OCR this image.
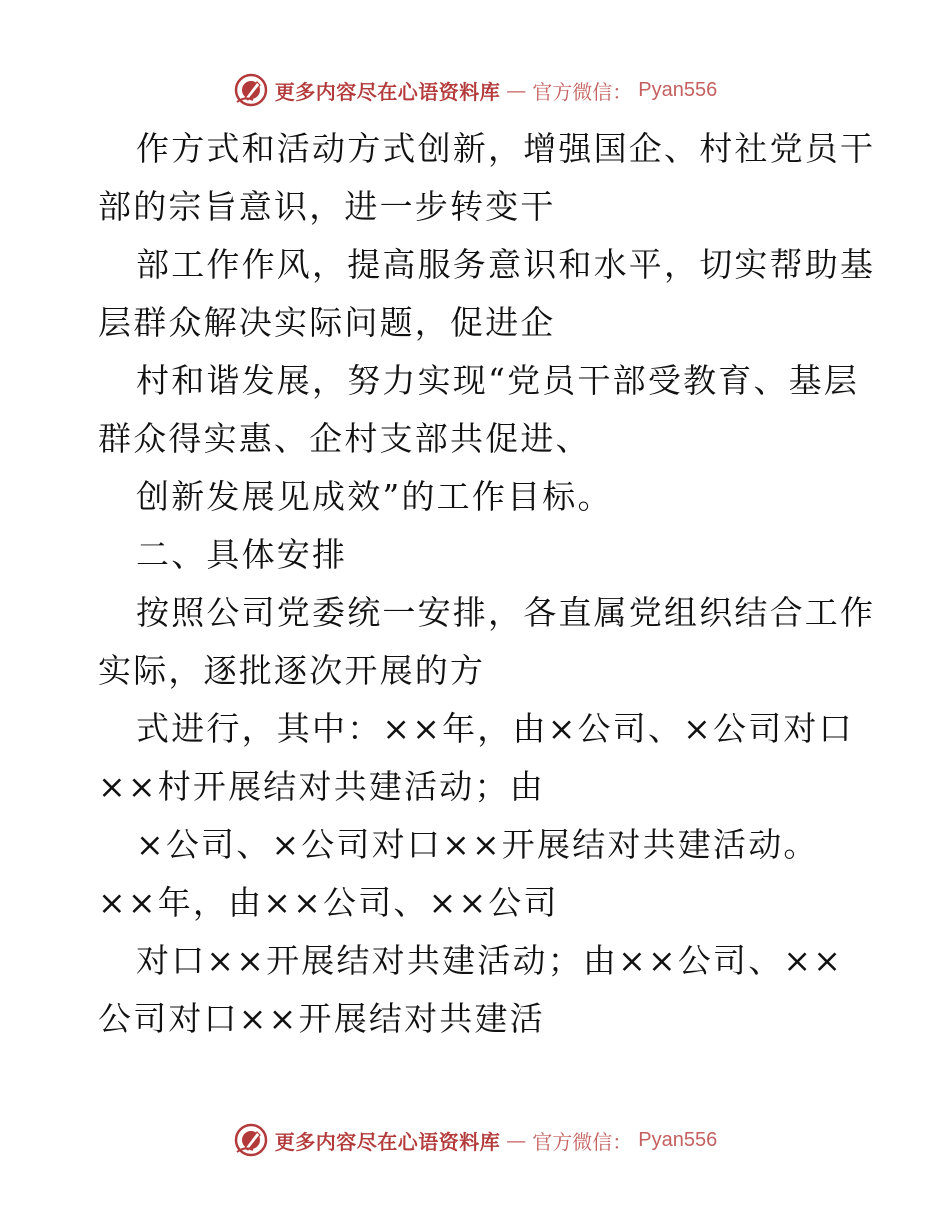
更多内容尽在心语资料库 — 官方微信： Pyan556
作方式和活动方式创新，增强国企、村社党员干
部的宗旨意识，进一步转变干
部工作作风，提高服务意识和水平，切实帮助基
层群众解决实际问题，促进企
村和谐发展，努力实现“党员干部受教育、基层
群众得实惠、企村支部共促进、
创新发展见成效”的工作目标。
二、具体安排
按照公司党委统一安排，各直属党组织结合工作
实际，逐批逐次开展的方
式进行，其中：××年，由×公司、×公司对口
××村开展结对共建活动；由
×公司、×公司对口××开展结对共建活动。
××年，由××公司、××公司
对口××开展结对共建活动；由××公司、××
公司对口××开展结对共建活
更多内容尽在心语资料库 — 官方微信： Pyan556
